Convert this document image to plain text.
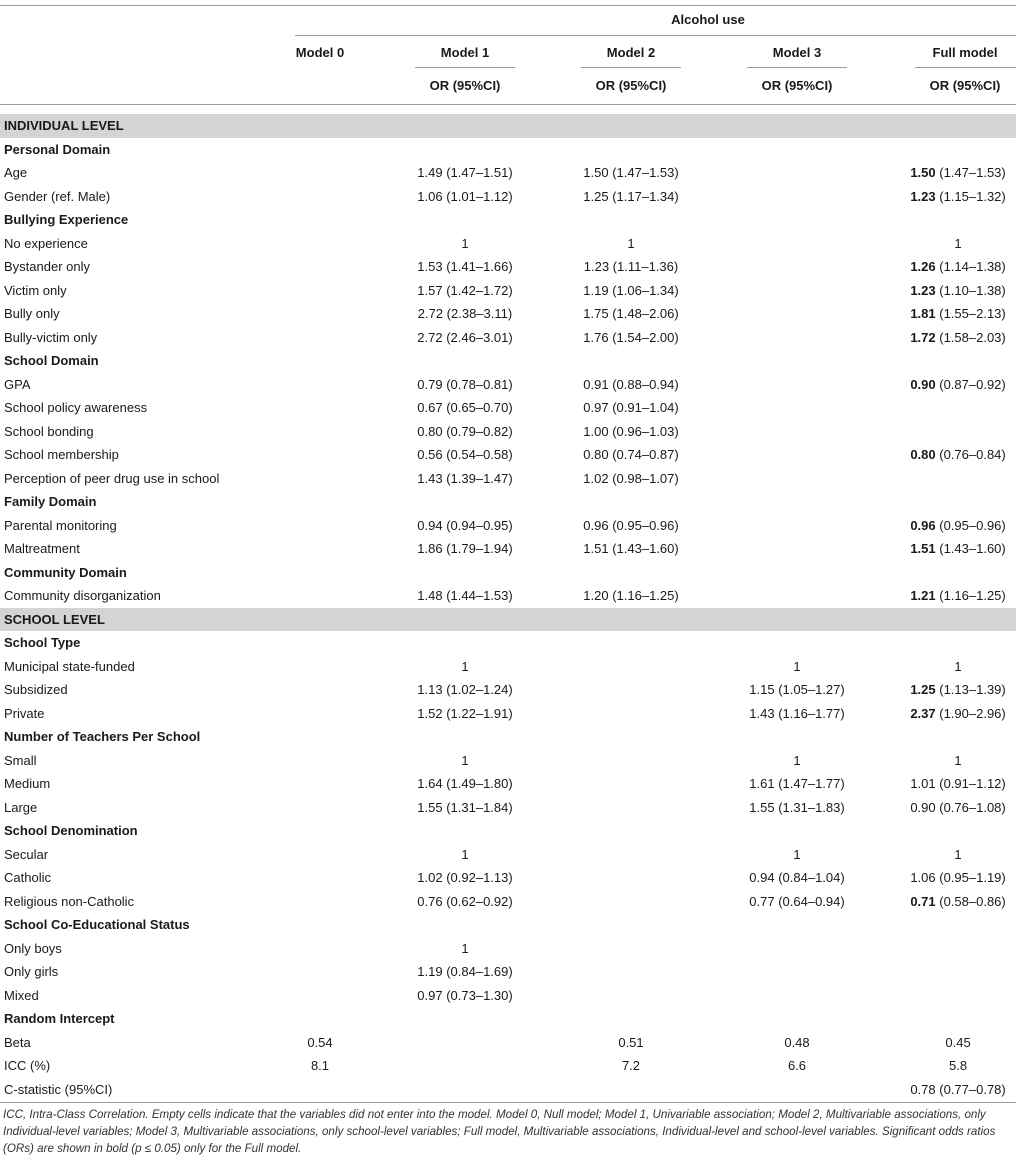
Alcohol use
Model 0	Model 1	Model 2	Model 3	Full model
OR (95%CI)	OR (95%CI)	OR (95%CI)	OR (95%CI)
INDIVIDUAL LEVEL									
Personal Domain									
Age			1.49 (1.47–1.51)		1.50 (1.47–1.53)				1.50 (1.47–1.53)
Gender (ref. Male)			1.06 (1.01–1.12)		1.25 (1.17–1.34)				1.23 (1.15–1.32)
Bullying Experience									
No experience			1		1				1
Bystander only			1.53 (1.41–1.66)		1.23 (1.11–1.36)				1.26 (1.14–1.38)
Victim only			1.57 (1.42–1.72)		1.19 (1.06–1.34)				1.23 (1.10–1.38)
Bully only			2.72 (2.38–3.11)		1.75 (1.48–2.06)				1.81 (1.55–2.13)
Bully-victim only			2.72 (2.46–3.01)		1.76 (1.54–2.00)				1.72 (1.58–2.03)
School Domain									
GPA			0.79 (0.78–0.81)		0.91 (0.88–0.94)				0.90 (0.87–0.92)
School policy awareness			0.67 (0.65–0.70)		0.97 (0.91–1.04)				
School bonding			0.80 (0.79–0.82)		1.00 (0.96–1.03)				
School membership			0.56 (0.54–0.58)		0.80 (0.74–0.87)				0.80 (0.76–0.84)
Perception of peer drug use in school			1.43 (1.39–1.47)		1.02 (0.98–1.07)				
Family Domain									
Parental monitoring			0.94 (0.94–0.95)		0.96 (0.95–0.96)				0.96 (0.95–0.96)
Maltreatment			1.86 (1.79–1.94)		1.51 (1.43–1.60)				1.51 (1.43–1.60)
Community Domain									
Community disorganization			1.48 (1.44–1.53)		1.20 (1.16–1.25)				1.21 (1.16–1.25)
SCHOOL LEVEL									
School Type									
Municipal state-funded			1				1		1
Subsidized			1.13 (1.02–1.24)				1.15 (1.05–1.27)		1.25 (1.13–1.39)
Private			1.52 (1.22–1.91)				1.43 (1.16–1.77)		2.37 (1.90–2.96)
Number of Teachers Per School									
Small			1				1		1
Medium			1.64 (1.49–1.80)				1.61 (1.47–1.77)		1.01 (0.91–1.12)
Large			1.55 (1.31–1.84)				1.55 (1.31–1.83)		0.90 (0.76–1.08)
School Denomination									
Secular			1				1		1
Catholic			1.02 (0.92–1.13)				0.94 (0.84–1.04)		1.06 (0.95–1.19)
Religious non-Catholic			0.76 (0.62–0.92)				0.77 (0.64–0.94)		0.71 (0.58–0.86)
School Co-Educational Status									
Only boys			1						
Only girls			1.19 (0.84–1.69)						
Mixed			0.97 (0.73–1.30)						
Random Intercept									
Beta	0.54				0.51		0.48		0.45
ICC (%)	8.1				7.2		6.6		5.8
C-statistic (95%CI)									0.78 (0.77–0.78)
ICC, Intra-Class Correlation. Empty cells indicate that the variables did not enter into the model. Model 0, Null model; Model 1, Univariable association; Model 2, Multivariable associations, only Individual-level variables; Model 3, Multivariable associations, only school-level variables; Full model, Multivariable associations, Individual-level and school-level variables. Significant odds ratios (ORs) are shown in bold (p ≤ 0.05) only for the Full model.
